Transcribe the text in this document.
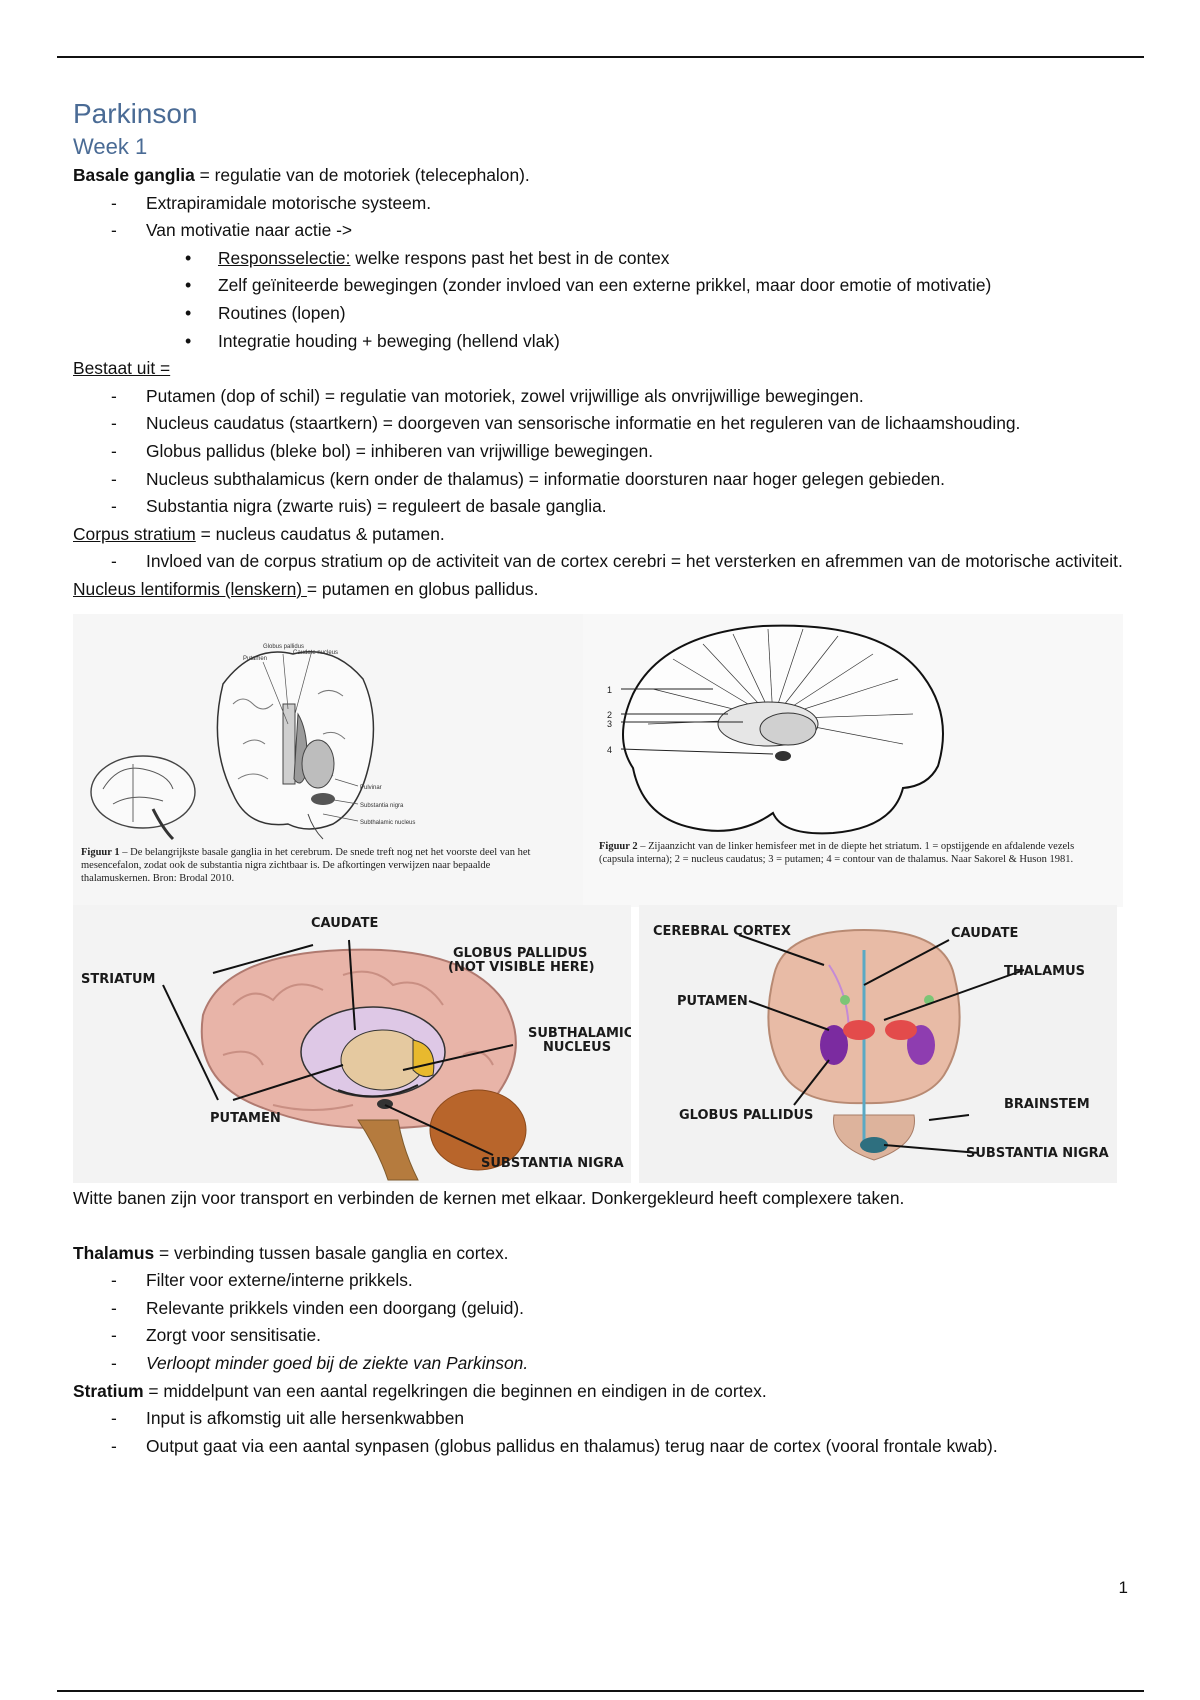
Parkinson
Week 1

Basale ganglia = regulatie van de motoriek (telecephalon).

- Extrapiramidale motorische systeem.
- Van motivatie naar actie ->
• Responsselectie: welke respons past het best in de contex
• Zelf geïniteerde bewegingen (zonder invloed van een externe prikkel, maar door emotie of motivatie)
• Routines (lopen)
• Integratie houding + beweging (hellend vlak)

Bestaat uit =

- Putamen (dop of schil) = regulatie van motoriek, zowel vrijwillige als onvrijwillige bewegingen.
- Nucleus caudatus (staartkern) = doorgeven van sensorische informatie en het reguleren van de lichaamshouding.
- Globus pallidus (bleke bol) = inhiberen van vrijwillige bewegingen.
- Nucleus subthalamicus (kern onder de thalamus) = informatie doorsturen naar hoger gelegen gebieden.
- Substantia nigra (zwarte ruis) = reguleert de basale ganglia.

Corpus stratium = nucleus caudatus & putamen.

- Invloed van de corpus stratium op de activiteit van de cortex cerebri = het versterken en afremmen van de motorische activiteit.

Nucleus lentiformis (lenskern) = putamen en globus pallidus.

Globus pallidus
Caudate nucleus
Putamen
Pulvinar
Substantia nigra
Subthalamic nucleus
Figuur 1 – De belangrijkste basale ganglia in het cerebrum. De snede treft nog net het voorste deel van het mesencefalon, zodat ook de substantia nigra zichtbaar is. De afkortingen verwijzen naar bepaalde thalamuskernen. Bron: Brodal 2010.
1
2
3
4
Figuur 2 – Zijaanzicht van de linker hemisfeer met in de diepte het striatum. 1 = opstijgende en afdalende vezels (capsula interna); 2 = nucleus caudatus; 3 = putamen; 4 = contour van de thalamus. Naar Sakorel & Huson 1981.
CAUDATE
STRIATUM
GLOBUS PALLIDUS
(NOT VISIBLE HERE)
SUBTHALAMIC
NUCLEUS
PUTAMEN
SUBSTANTIA NIGRA
CEREBRAL CORTEX	CAUDATE
THALAMUS
PUTAMEN
BRAINSTEM
GLOBUS PALLIDUS
SUBSTANTIA NIGRA

Witte banen zijn voor transport en verbinden de kernen met elkaar. Donkergekleurd heeft complexere taken.

Thalamus = verbinding tussen basale ganglia en cortex.

- Filter voor externe/interne prikkels.
- Relevante prikkels vinden een doorgang (geluid).
- Zorgt voor sensitisatie.
- Verloopt minder goed bij de ziekte van Parkinson.

Stratium = middelpunt van een aantal regelkringen die beginnen en eindigen in de cortex.

- Input is afkomstig uit alle hersenkwabben
- Output gaat via een aantal synpasen (globus pallidus en thalamus) terug naar de cortex (vooral frontale kwab).
1
